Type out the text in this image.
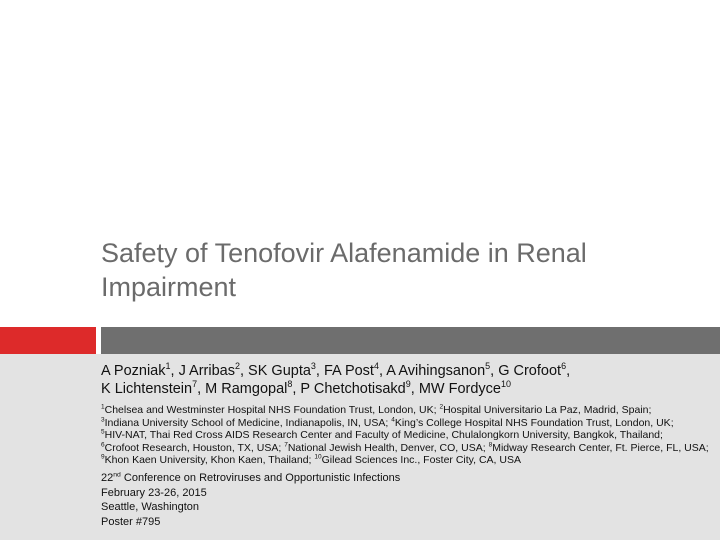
Safety of Tenofovir Alafenamide in Renal Impairment
A Pozniak$^1$, J Arribas$^2$, SK Gupta$^3$, FA Post$^4$, A Avihingsanon$^5$, G Crofoot$^6$,
K Lichtenstein$^7$, M Ramgopal$^8$, P Chetchotisakd$^9$, MW Fordyce$^{10}$
$^1$Chelsea and Westminster Hospital NHS Foundation Trust, London, UK; $^2$Hospital Universitario La Paz, Madrid, Spain;
$^3$Indiana University School of Medicine, Indianapolis, IN, USA; $^4$King’s College Hospital NHS Foundation Trust, London, UK;
$^5$HIV-NAT, Thai Red Cross AIDS Research Center and Faculty of Medicine, Chulalongkorn University, Bangkok, Thailand;
$^6$Crofoot Research, Houston, TX, USA; $^7$National Jewish Health, Denver, CO, USA; $^8$Midway Research Center, Ft. Pierce, FL, USA;
$^9$Khon Kaen University, Khon Kaen, Thailand; $^{10}$Gilead Sciences Inc., Foster City, CA, USA
22nd Conference on Retroviruses and Opportunistic Infections
February 23-26, 2015
Seattle, Washington
Poster #795
